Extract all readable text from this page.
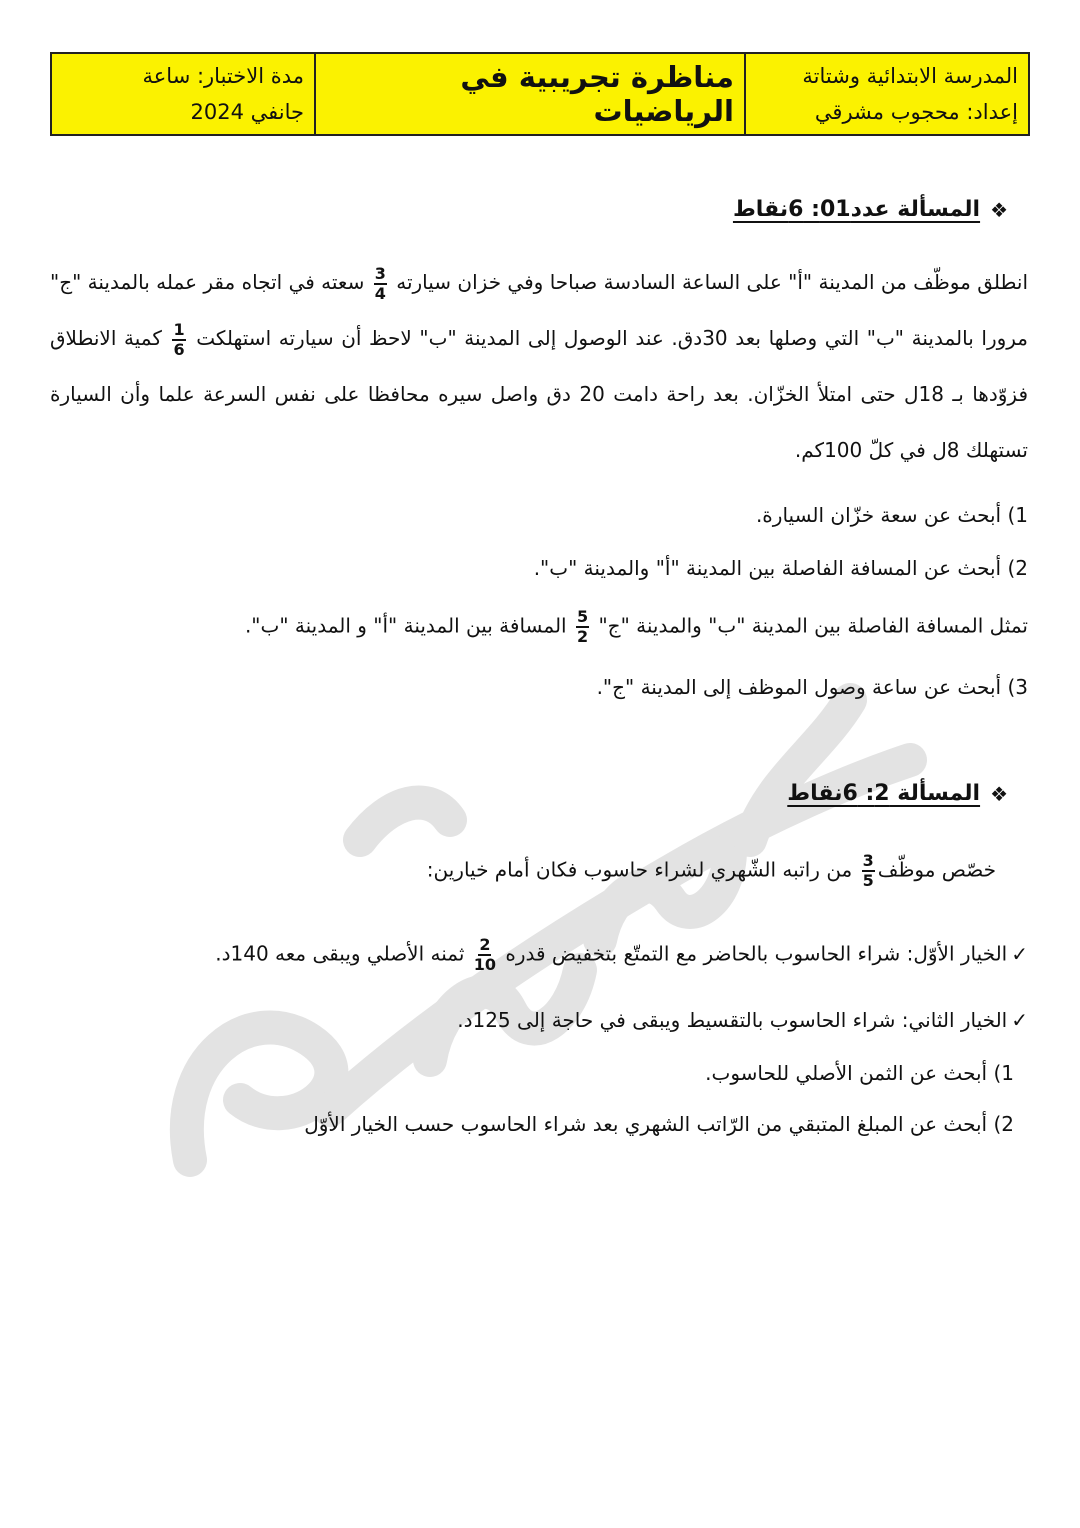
المدرسة الابتدائية وشتاتة
إعداد: محجوب مشرقي
مناظرة تجريبية في الرياضيات
مدة الاختبار: ساعة
جانفي 2024
❖
المسألة عدد01: 6نقاط
انطلق موظّف من المدينة "أ" على الساعة السادسة صباحا وفي خزان سيارته
$\frac{3}{4}$
سعته في اتجاه مقر عمله بالمدينة "ج" مرورا بالمدينة "ب" التي وصلها بعد 30دق. عند الوصول إلى المدينة "ب" لاحظ أن سيارته استهلكت
$\frac{1}{6}$
كمية الانطلاق فزوّدها بـ 18ل حتى امتلأ الخزّان. بعد راحة دامت 20 دق واصل سيره محافظا على نفس السرعة علما وأن السيارة تستهلك 8ل في كلّ 100كم.
1) أبحث عن سعة خزّان السيارة.
2) أبحث عن المسافة الفاصلة بين المدينة "أ" والمدينة "ب".
تمثل المسافة الفاصلة بين المدينة "ب" والمدينة "ج"
$\frac{5}{2}$
المسافة بين المدينة "أ" و المدينة "ب".
3) أبحث عن ساعة وصول الموظف إلى المدينة "ج".
❖
المسألة 2: 6نقاط
خصّص موظّف
$\frac{3}{5}$
من راتبه الشّهري لشراء حاسوب فكان أمام خيارين:
✓الخيار الأوّل: شراء الحاسوب بالحاضر مع التمتّع بتخفيض قدره
$\frac{2}{10}$
ثمنه الأصلي ويبقى معه 140د.
✓الخيار الثاني: شراء الحاسوب بالتقسيط ويبقى في حاجة إلى 125د.
1) أبحث عن الثمن الأصلي للحاسوب.
2) أبحث عن المبلغ المتبقي من الرّاتب الشهري بعد شراء الحاسوب حسب الخيار الأوّل
